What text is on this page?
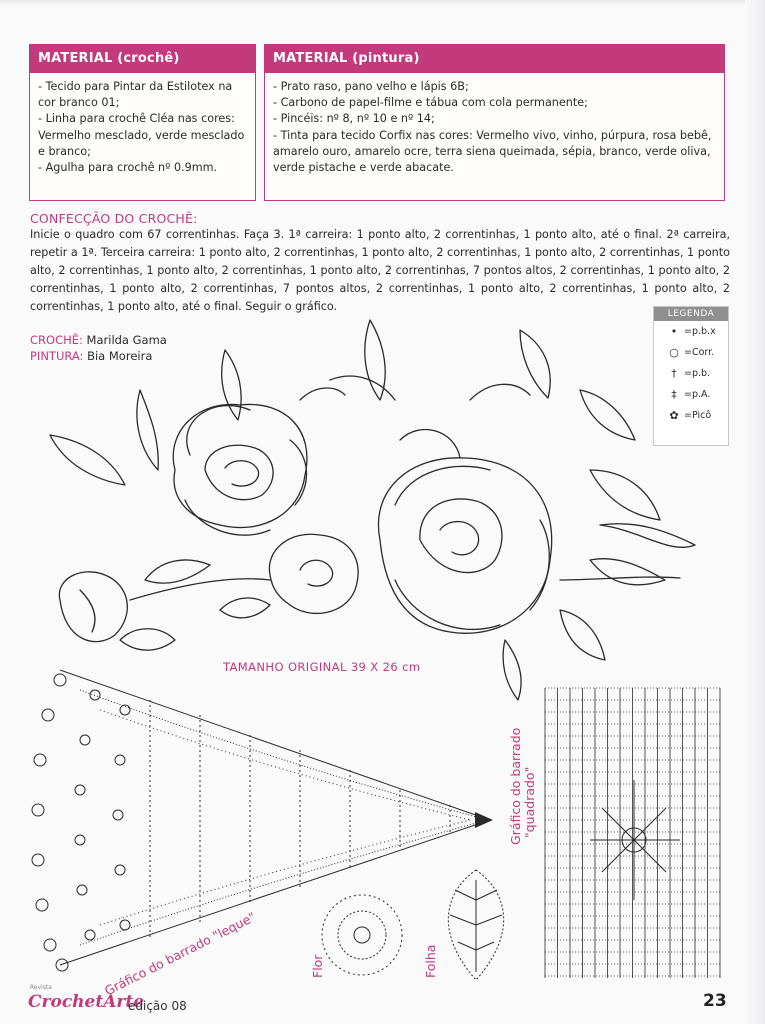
MATERIAL (crochê)
- Tecido para Pintar da Estilotex na cor branco 01;
- Linha para crochê Cléa nas cores: Vermelho mesclado, verde mesclado e branco;
- Agulha para crochê nº 0.9mm.
MATERIAL (pintura)
- Prato raso, pano velho e lápis 6B;
- Carbono de papel-filme e tábua com cola permanente;
- Pincéis: nº 8, nº 10 e nº 14;
- Tinta para tecido Corfix nas cores: Vermelho vivo, vinho, púrpura, rosa bebê, amarelo ouro, amarelo ocre, terra siena queimada, sépia, branco, verde oliva, verde pistache e verde abacate.
CONFECÇÃO DO CROCHÊ:
Inicie o quadro com 67 correntinhas. Faça 3. 1ª carreira: 1 ponto alto, 2 correntinhas, 1 ponto alto, até o final. 2ª carreira, repetir a 1ª. Terceira carreira: 1 ponto alto, 2 correntinhas, 1 ponto alto, 2 correntinhas, 1 ponto alto, 2 correntinhas, 1 ponto alto, 2 correntinhas, 1 ponto alto, 2 correntinhas, 1 ponto alto, 2 correntinhas, 7 pontos altos, 2 correntinhas, 1 ponto alto, 2 correntinhas, 1 ponto alto, 2 correntinhas, 7 pontos altos, 2 correntinhas, 1 ponto alto, 2 correntinhas, 1 ponto alto, 2 correntinhas, 1 ponto alto, até o final. Seguir o gráfico.
CROCHÊ: Marilda Gama
PINTURA: Bia Moreira
LEGENDA
• = p.b.x
○ = Corr.
† = p.b.
‡ = p.A.
✿ = Picô
TAMANHO ORIGINAL 39 X 26 cm
Gráfico do barrado "leque"	Flor	Folha
Gráfico do barrado "quadrado"
Revista
CrochetArte
edição 08	23
